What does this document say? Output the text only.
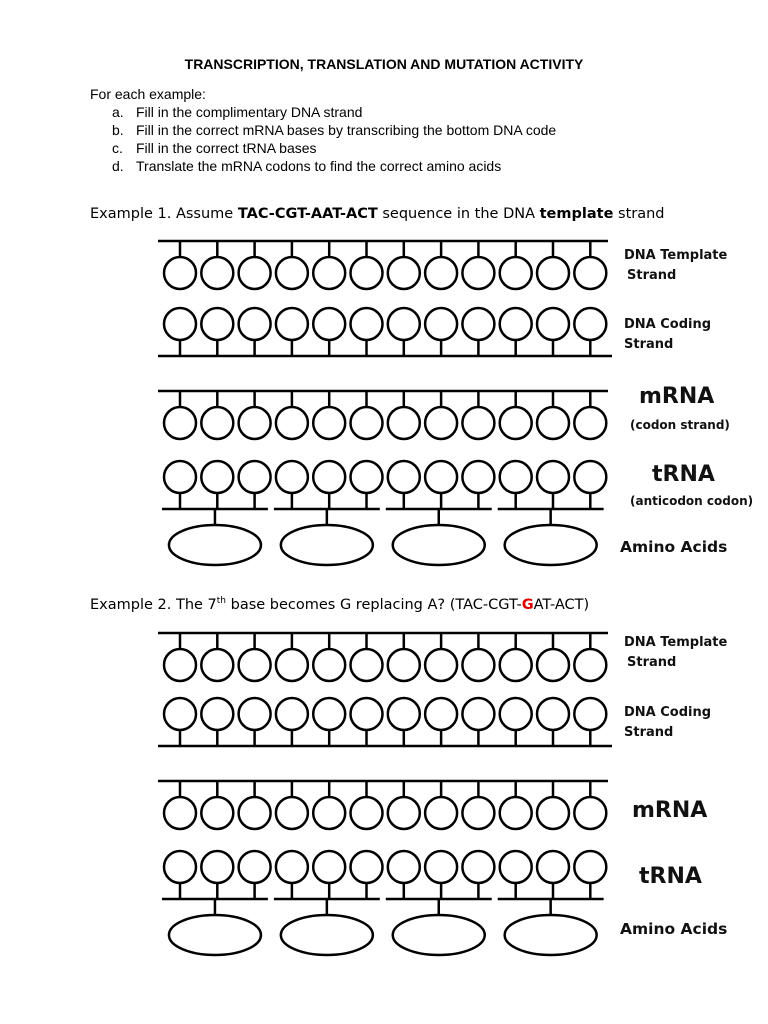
TRANSCRIPTION, TRANSLATION AND MUTATION ACTIVITY
For each example:
a. Fill in the complimentary DNA strand
b. Fill in the correct mRNA bases by transcribing the bottom DNA code
c. Fill in the correct tRNA bases
d. Translate the mRNA codons to find the correct amino acids
Example 1. Assume TAC-CGT-AAT-ACT sequence in the DNA template strand
Example 2. The 7th base becomes G replacing A? (TAC-CGT-GAT-ACT)
DNA Template
Strand
DNA Coding
Strand
mRNA
(codon strand)
tRNA
(anticodon codon)
Amino Acids
DNA Template
Strand
DNA Coding
Strand
mRNA
tRNA
Amino Acids
